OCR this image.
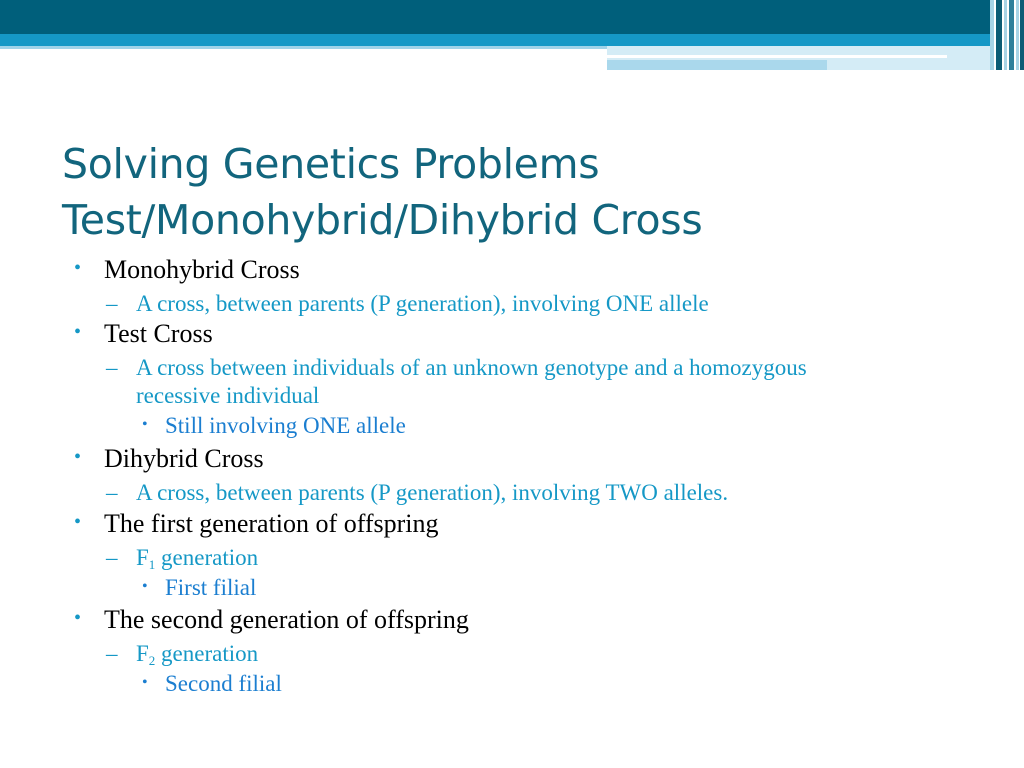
Solving Genetics Problems
Test/Monohybrid/Dihybrid Cross
• Monohybrid Cross
– A cross, between parents (P generation), involving ONE allele
• Test Cross
– A cross between individuals of an unknown genotype and a homozygous recessive individual
• Still involving ONE allele
• Dihybrid Cross
– A cross, between parents (P generation), involving TWO alleles.
• The first generation of offspring
– $F_1$ generation
• First filial
• The second generation of offspring
– $F_2$ generation
• Second filial
